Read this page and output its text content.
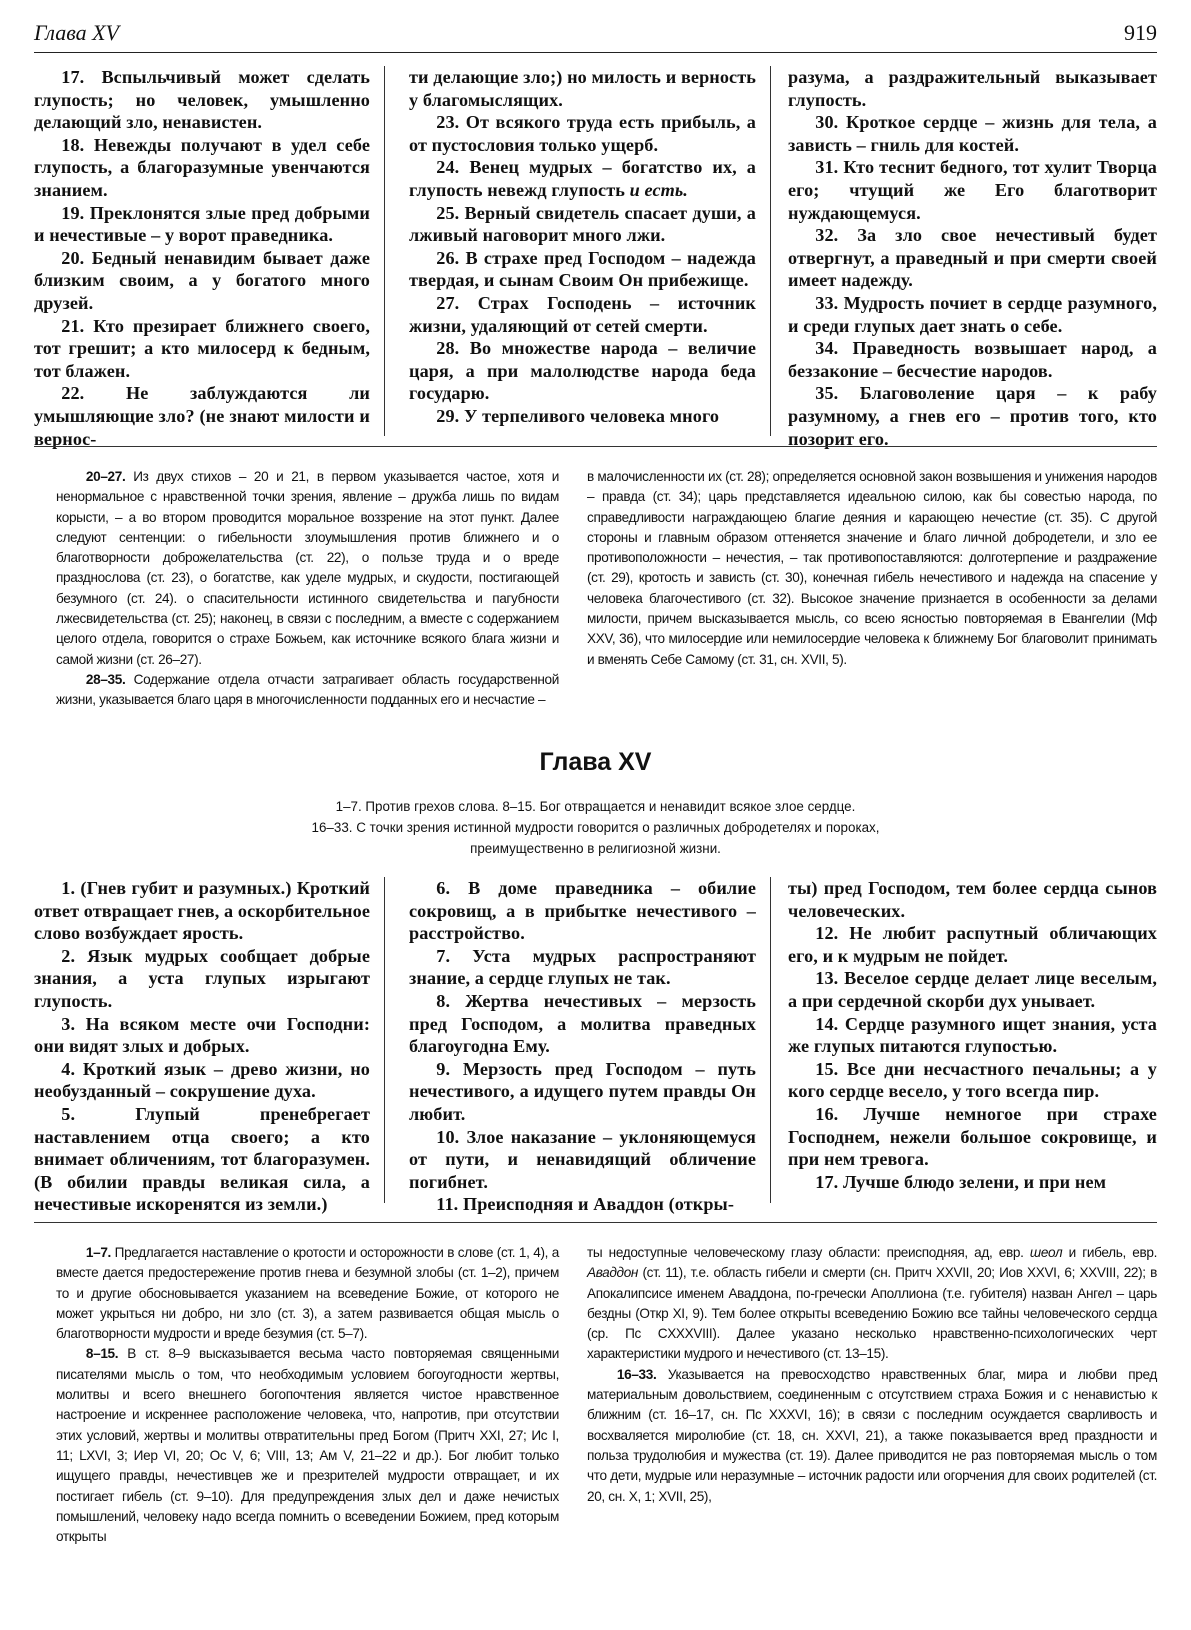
Глава XV	919

17. Вспыльчивый может сделать глупость; но человек, умышленно делающий зло, ненавистен.

18. Невежды получают в удел себе глупость, а благоразумные увенчаются знанием.

19. Преклонятся злые пред добрыми и нечестивые – у ворот праведника.

20. Бедный ненавидим бывает даже близким своим, а у богатого много друзей.

21. Кто презирает ближнего своего, тот грешит; а кто милосерд к бедным, тот блажен.

22. Не заблуждаются ли умышляющие зло? (не знают милости и вернос-

ти делающие зло;) но милость и верность у благомыслящих.

23. От всякого труда есть прибыль, а от пустословия только ущерб.

24. Венец мудрых – богатство их, а глупость невежд глупость и есть.

25. Верный свидетель спасает души, а лживый наговорит много лжи.

26. В страхе пред Господом – надежда твердая, и сынам Своим Он прибежище.

27. Страх Господень – источник жизни, удаляющий от сетей смерти.

28. Во множестве народа – величие царя, а при малолюдстве народа беда государю.

29. У терпеливого человека много

разума, а раздражительный выказывает глупость.

30. Кроткое сердце – жизнь для тела, а зависть – гниль для костей.

31. Кто теснит бедного, тот хулит Творца его; чтущий же Его благотворит нуждающемуся.

32. За зло свое нечестивый будет отвергнут, а праведный и при смерти своей имеет надежду.

33. Мудрость почиет в сердце разумного, и среди глупых дает знать о себе.

34. Праведность возвышает народ, а беззаконие – бесчестие народов.

35. Благоволение царя – к рабу разумному, а гнев его – против того, кто позорит его.

20–27. Из двух стихов – 20 и 21, в первом указывается частое, хотя и ненормальное с нравственной точки зрения, явление – дружба лишь по видам корысти, – а во втором проводится моральное воззрение на этот пункт. Далее следуют сентенции: о гибельности злоумышления против ближнего и о благотворности доброжелательства (ст. 22), о пользе труда и о вреде празднослова (ст. 23), о богатстве, как уделе мудрых, и скудости, постигающей безумного (ст. 24). о спасительности истинного свидетельства и пагубности лжесвидетельства (ст. 25); наконец, в связи с последним, а вместе с содержанием целого отдела, говорится о страхе Божьем, как источнике всякого блага жизни и самой жизни (ст. 26–27).

28–35. Содержание отдела отчасти затрагивает область государственной жизни, указывается благо царя в многочисленности подданных его и несчастие –

в малочисленности их (ст. 28); определяется основной закон возвышения и унижения народов – правда (ст. 34); царь представляется идеальною силою, как бы совестью народа, по справедливости награждающею благие деяния и карающею нечестие (ст. 35). С другой стороны и главным образом оттеняется значение и благо личной добродетели, и зло ее противоположности – нечестия, – так противопоставляются: долготерпение и раздражение (ст. 29), кротость и зависть (ст. 30), конечная гибель нечестивого и надежда на спасение у человека благочестивого (ст. 32). Высокое значение признается в особенности за делами милости, причем высказывается мысль, со всею ясностью повторяемая в Евангелии (Мф XXV, 36), что милосердие или немилосердие человека к ближнему Бог благоволит принимать и вменять Себе Самому (ст. 31, сн. XVII, 5).

Глава XV
1–7. Против грехов слова. 8–15. Бог отвращается и ненавидит всякое злое сердце.
16–33. С точки зрения истинной мудрости говорится о различных добродетелях и пороках,
преимущественно в религиозной жизни.

1. (Гнев губит и разумных.) Кроткий ответ отвращает гнев, а оскорбительное слово возбуждает ярость.

2. Язык мудрых сообщает добрые знания, а уста глупых изрыгают глупость.

3. На всяком месте очи Господни: они видят злых и добрых.

4. Кроткий язык – древо жизни, но необузданный – сокрушение духа.

5. Глупый пренебрегает наставлением отца своего; а кто внимает обличениям, тот благоразумен. (В обилии правды великая сила, а нечестивые искоренятся из земли.)

6. В доме праведника – обилие сокровищ, а в прибытке нечестивого – расстройство.

7. Уста мудрых распространяют знание, а сердце глупых не так.

8. Жертва нечестивых – мерзость пред Господом, а молитва праведных благоугодна Ему.

9. Мерзость пред Господом – путь нечестивого, а идущего путем правды Он любит.

10. Злое наказание – уклоняющемуся от пути, и ненавидящий обличение погибнет.

11. Преисподняя и Аваддон (откры-

ты) пред Господом, тем более сердца сынов человеческих.

12. Не любит распутный обличающих его, и к мудрым не пойдет.

13. Веселое сердце делает лице веселым, а при сердечной скорби дух унывает.

14. Сердце разумного ищет знания, уста же глупых питаются глупостью.

15. Все дни несчастного печальны; а у кого сердце весело, у того всегда пир.

16. Лучше немногое при страхе Господнем, нежели большое сокровище, и при нем тревога.

17. Лучше блюдо зелени, и при нем

1–7. Предлагается наставление о кротости и осторожности в слове (ст. 1, 4), а вместе дается предостережение против гнева и безумной злобы (ст. 1–2), причем то и другие обосновывается указанием на всеведение Божие, от которого не может укрыться ни добро, ни зло (ст. 3), а затем развивается общая мысль о благотворности мудрости и вреде безумия (ст. 5–7).

8–15. В ст. 8–9 высказывается весьма часто повторяемая священными писателями мысль о том, что необходимым условием богоугодности жертвы, молитвы и всего внешнего богопочтения является чистое нравственное настроение и искреннее расположение человека, что, напротив, при отсутствии этих условий, жертвы и молитвы отвратительны пред Богом (Притч XXI, 27; Ис I, 11; LXVI, 3; Иер VI, 20; Ос V, 6; VIII, 13; Ам V, 21–22 и др.). Бог любит только ищущего правды, нечестивцев же и презрителей мудрости отвращает, и их постигает гибель (ст. 9–10). Для предупреждения злых дел и даже нечистых помышлений, человеку надо всегда помнить о всеведении Божием, пред которым открыты

ты недоступные человеческому глазу области: преисподняя, ад, евр. шеол и гибель, евр. Аваддон (ст. 11), т.е. область гибели и смерти (сн. Притч XXVII, 20; Иов XXVI, 6; XXVIII, 22); в Апокалипсисе именем Аваддона, по-гречески Аполлиона (т.е. губителя) назван Ангел – царь бездны (Откр XI, 9). Тем более открыты всеведению Божию все тайны человеческого сердца (ср. Пс CXXXVIII). Далее указано несколько нравственно-психологических черт характеристики мудрого и нечестивого (ст. 13–15).

16–33. Указывается на превосходство нравственных благ, мира и любви пред материальным довольствием, соединенным с отсутствием страха Божия и с ненавистью к ближним (ст. 16–17, сн. Пс XXXVI, 16); в связи с последним осуждается сварливость и восхваляется миролюбие (ст. 18, сн. XXVI, 21), а также показывается вред праздности и польза трудолюбия и мужества (ст. 19). Далее приводится не раз повторяемая мысль о том что дети, мудрые или неразумные – источник радости или огорчения для своих родителей (ст. 20, сн. X, 1; XVII, 25),
